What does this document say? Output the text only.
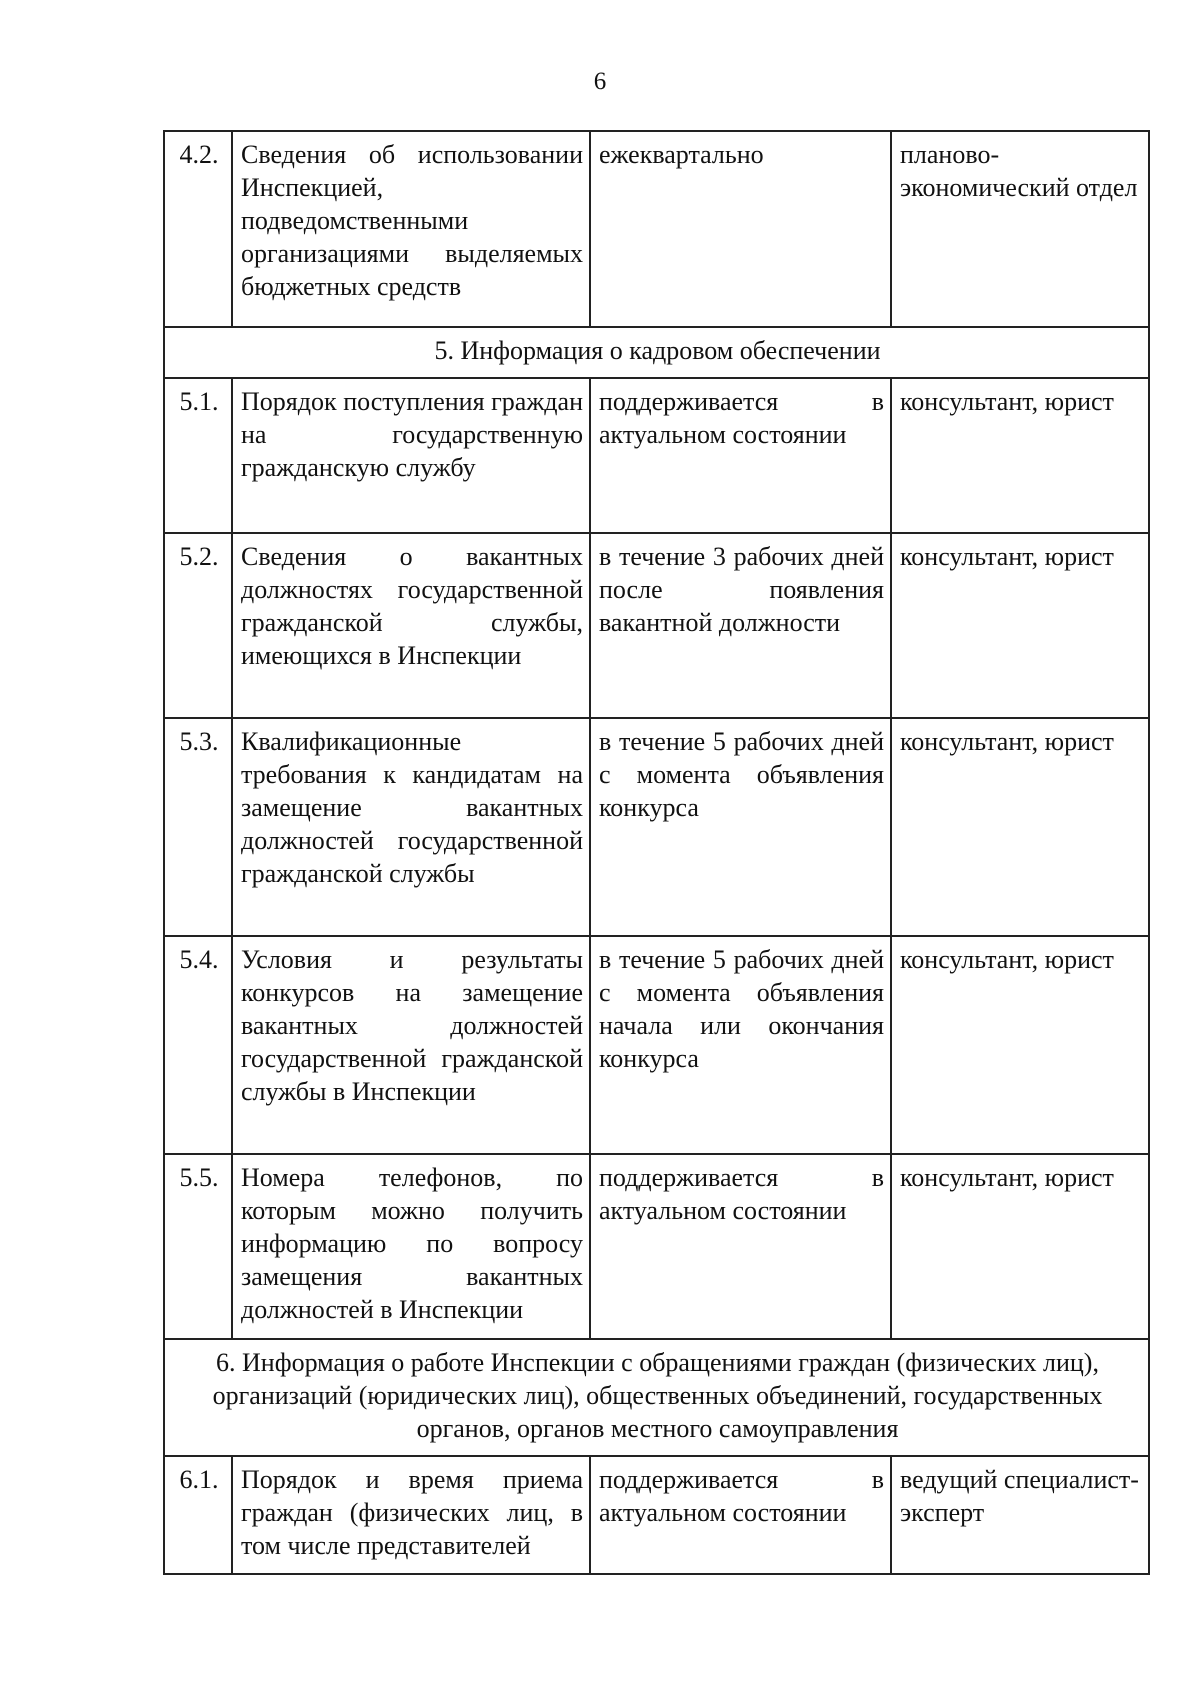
6
4.2.	Сведения об использовании Инспекцией, подведомственными организациями выделяемых бюджетных средств	ежеквартально	планово-экономический отдел
5. Информация о кадровом обеспечении			
5.1.	Порядок поступления граждан на государственную гражданскую службу	поддерживается в актуальном состоянии	консультант, юрист
5.2.	Сведения о вакантных должностях государственной гражданской службы, имеющихся в Инспекции	в течение 3 рабочих дней после появления вакантной должности	консультант, юрист
5.3.	Квалификационные требования к кандидатам на замещение вакантных должностей государственной гражданской службы	в течение 5 рабочих дней с момента объявления конкурса	консультант, юрист
5.4.	Условия и результаты конкурсов на замещение вакантных должностей государственной гражданской службы в Инспекции	в течение 5 рабочих дней с момента объявления начала или окончания конкурса	консультант, юрист
5.5.	Номера телефонов, по которым можно получить информацию по вопросу замещения вакантных должностей в Инспекции	поддерживается в актуальном состоянии	консультант, юрист
6. Информация о работе Инспекции с обращениями граждан (физических лиц), организаций (юридических лиц), общественных объединений, государственных органов, органов местного самоуправления			
6.1.	Порядок и время приема граждан (физических лиц, в том числе представителей	поддерживается в актуальном состоянии	ведущий специалист-эксперт
